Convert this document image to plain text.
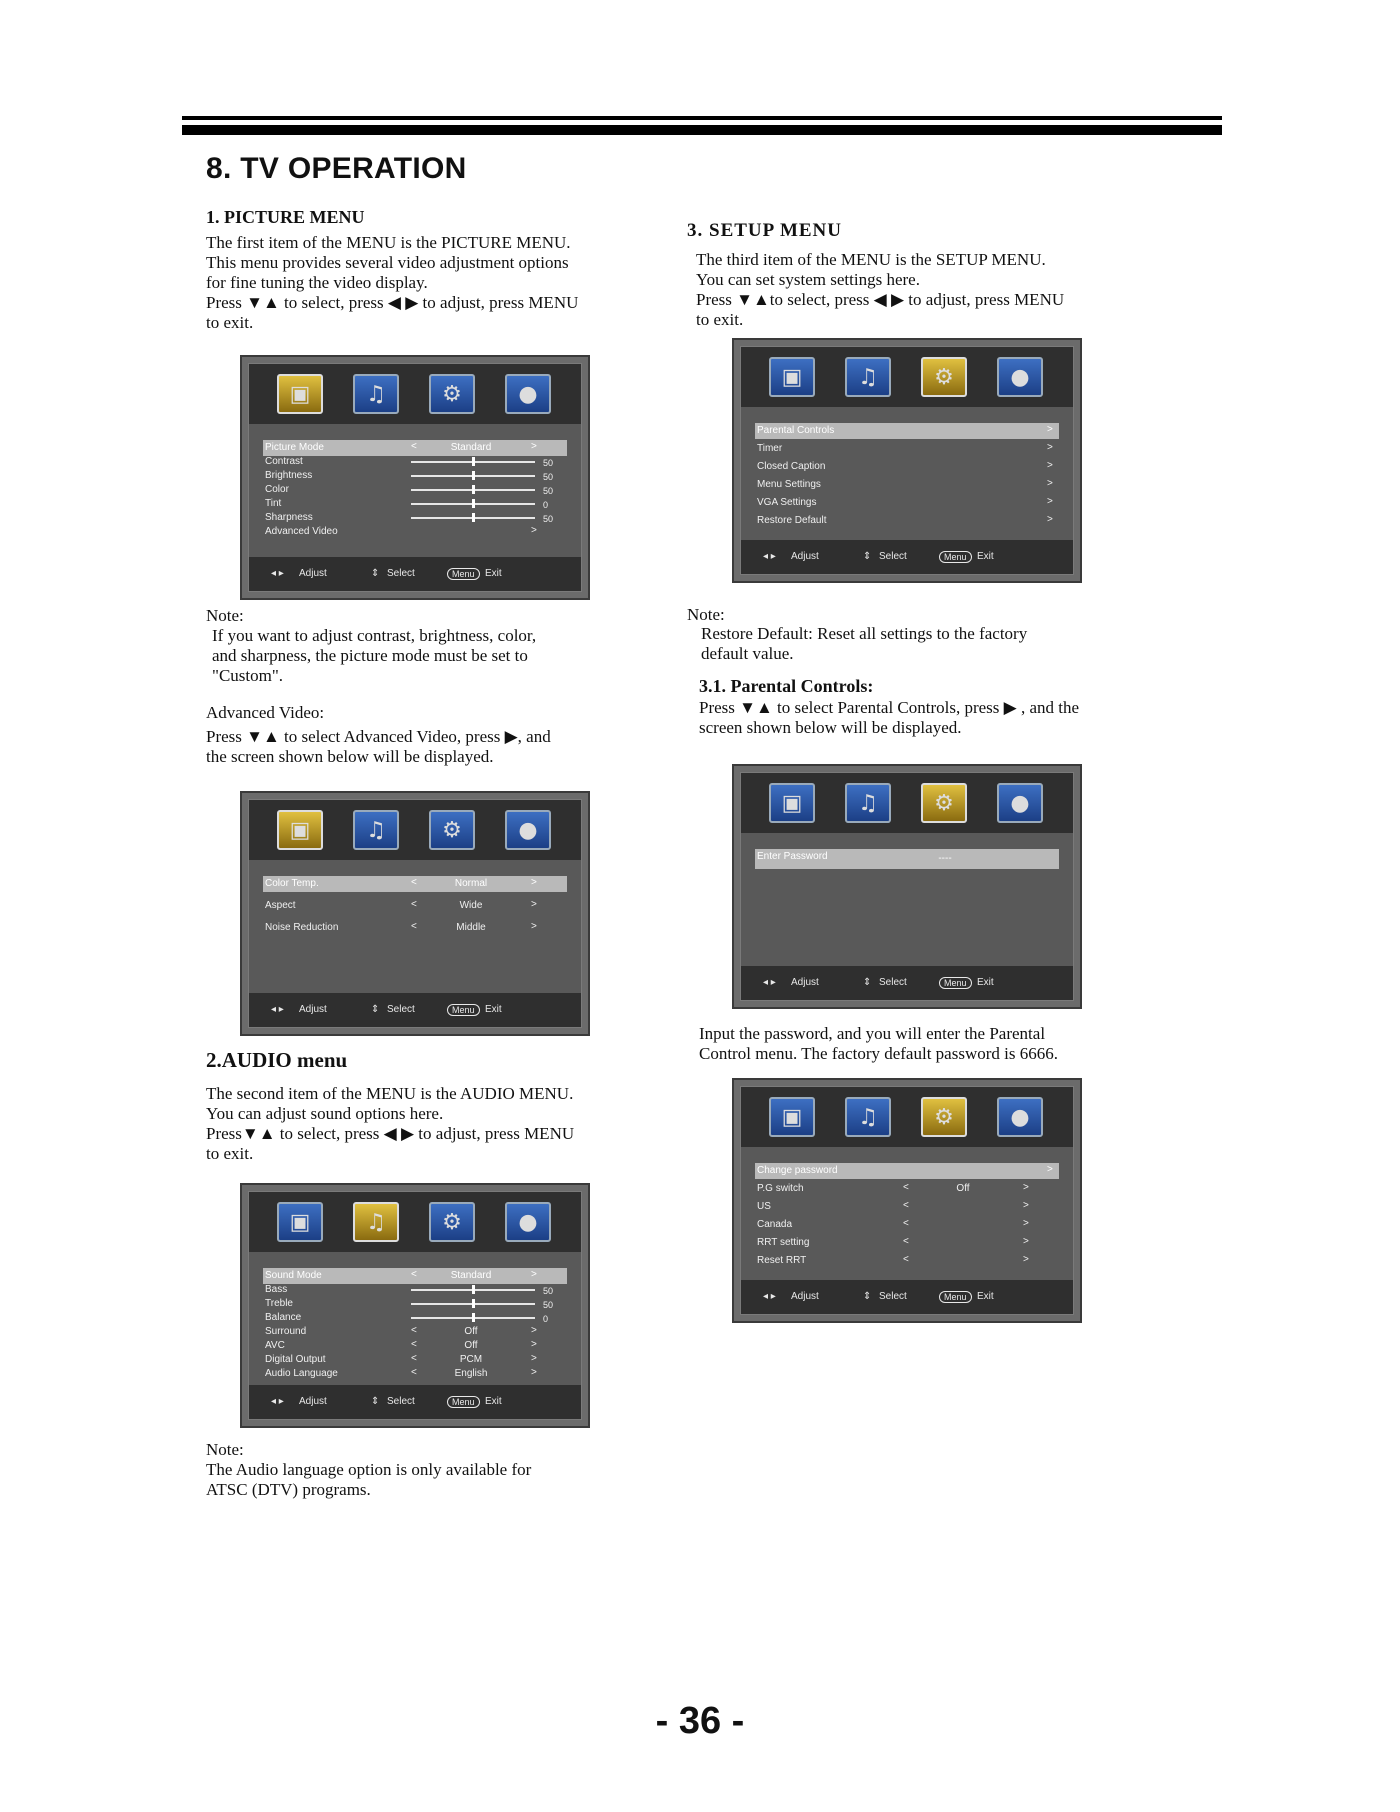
8. TV OPERATION
1. PICTURE MENU
The first item of the MENU is the PICTURE MENU.
This menu provides several video adjustment options
for fine tuning the video display.
Press ▼▲ to select, press ◀ ▶ to adjust, press MENU
to exit.
▣	♫	⚙	●
Picture Mode	<	Standard	>
Contrast	50
Brightness	50
Color	50
Tint	0
Sharpness	50
Advanced Video	>
◂ ▸ Adjust	⇕ Select	Menu	Exit
Note:
If you want to adjust contrast, brightness, color,
and sharpness, the picture mode must be set to
"Custom".
Advanced Video:
Press ▼▲ to select Advanced Video, press ▶, and
the screen shown below will be displayed.
▣	♫	⚙	●
Color Temp.	<	Normal	>
Aspect	<	Wide	>
Noise Reduction	<	Middle	>
◂ ▸ Adjust	⇕ Select	Menu	Exit
2.AUDIO menu
The second item of the MENU is the AUDIO MENU.
You can adjust sound options here.
Press▼▲ to select, press ◀ ▶ to adjust, press MENU
to exit.
▣	♫	⚙	●
Sound Mode	<	Standard	>
Bass	50
Treble	50
Balance	0
Surround	<	Off	>
AVC	<	Off	>
Digital Output	<	PCM	>
Audio Language	<	English	>
◂ ▸ Adjust	⇕ Select	Menu	Exit
Note:
The Audio language option is only available for
ATSC (DTV) programs.
3. SETUP MENU
The third item of the MENU is the SETUP MENU.
You can set system settings here.
Press ▼▲to select, press ◀ ▶ to adjust, press MENU
to exit.
▣	♫	⚙	●
Parental Controls	>
Timer	>
Closed Caption	>
Menu Settings	>
VGA Settings	>
Restore Default	>
◂ ▸ Adjust	⇕ Select	Menu	Exit
Note:
Restore Default: Reset all settings to the factory
default value.
3.1. Parental Controls:
Press ▼▲ to select Parental Controls, press ▶ , and the
screen shown below will be displayed.
▣	♫	⚙	●
Enter Password	----
◂ ▸ Adjust	⇕ Select	Menu	Exit
Input the password, and you will enter the Parental
Control menu. The factory default password is 6666.
▣	♫	⚙	●
Change password	>
P.G switch	<	Off	>
US	<	>
Canada	<	>
RRT setting	<	>
Reset RRT	<	>
◂ ▸ Adjust	⇕ Select	Menu	Exit
- 36 -
